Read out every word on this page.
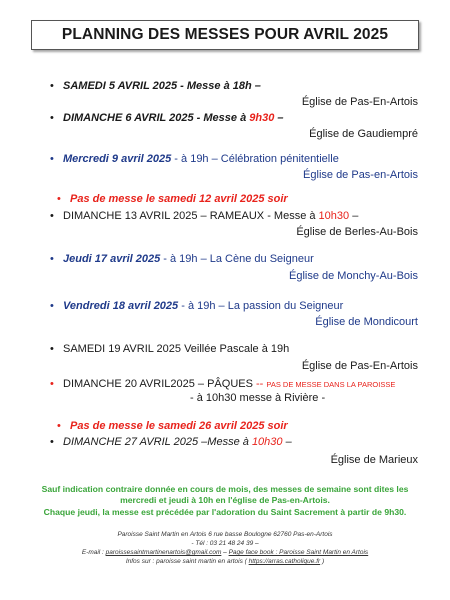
PLANNING DES MESSES POUR AVRIL 2025
• SAMEDI 5 AVRIL 2025 - Messe à 18h –
Église de Pas-En-Artois
• DIMANCHE 6 AVRIL 2025 - Messe à 9h30 –
Église de Gaudiempré
• Mercredi 9 avril 2025 - à 19h – Célébration pénitentielle
Église de Pas-en-Artois
• Pas de messe le samedi 12 avril 2025 soir
• DIMANCHE 13 AVRIL 2025 – RAMEAUX - Messe à 10h30 –
Église de Berles-Au-Bois
• Jeudi 17 avril 2025 - à 19h – La Cène du Seigneur
Église de Monchy-Au-Bois
• Vendredi 18 avril 2025 - à 19h – La passion du Seigneur
Église de Mondicourt
• SAMEDI 19 AVRIL 2025 Veillée Pascale à 19h
Église de Pas-En-Artois
• DIMANCHE 20 AVRIL2025 – PÂQUES -- PAS DE MESSE DANS LA PAROISSE
- à 10h30 messe à Rivière -
• Pas de messe le samedi 26 avril 2025 soir
• DIMANCHE 27 AVRIL 2025 –Messe à 10h30 –
Église de Marieux
Sauf indication contraire donnée en cours de mois, des messes de semaine sont dites les
mercredi et jeudi à 10h en l'église de Pas-en-Artois.
Chaque jeudi, la messe est précédée par l'adoration du Saint Sacrement à partir de 9h30.
Paroisse Saint Martin en Artois 6 rue basse Boulogne 62760 Pas-en-Artois
- Tél : 03 21 48 24 39 –
E-mail : paroissesaintmartinenartois@gmail.com – Page face book : Paroisse Saint Martin en Artois
Infos sur : paroisse saint martin en artois ( https://arras.catholique.fr )
